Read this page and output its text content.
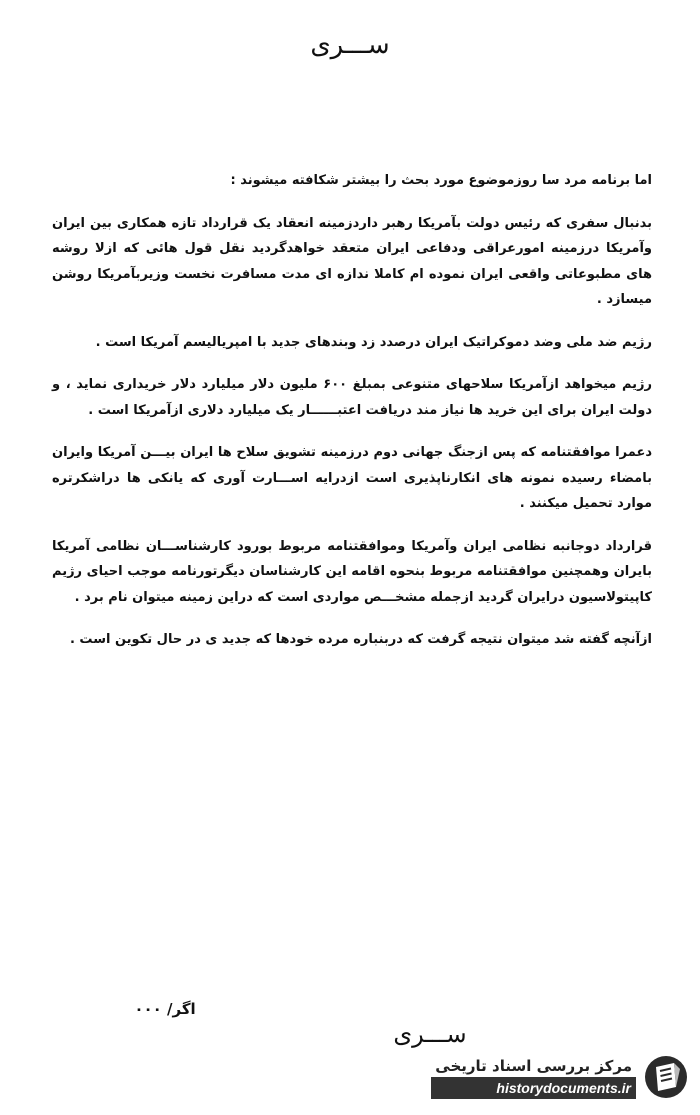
ســـری

اما برنامه مرد سا روزموضوع مورد بحث را بیشتر شکافته میشوند :

بدنبال سفری که رئیس دولت بآمریکا رهبر داردزمینه انعقاد یک قرارداد تازه همکاری بین ایران وآمریکا درزمینه امورعراقی ودفاعی ایران متعقد خواهدگردید نقل قول هائی که ازلا روشه های مطبوعاتی واقعی ایران نموده ام کاملا ندازه ای مدت مسافرت نخست وزیربآمریکا روشن میسازد .

رژیم ضد ملی وضد دموکراتیک ایران درصدد زد وبندهای جدید با امپریالیسم آمریکا است .

رژیم میخواهد ازآمریکا سلاحهای متنوعی بمبلغ ۶۰۰ ملیون دلار میلیارد دلار خریداری نماید ، و دولت ایران برای این خرید ها نیاز مند دریافت اعتبــــــار یک میلیارد دلاری ازآمریکا است .

دعمرا موافقتنامه که پس ازجنگ جهانی دوم درزمینه تشویق سلاح ها ایران بیـــن آمریکا وایران بامضاء رسیده نمونه های انکارناپذیری است ازدرایه اســـارت آوری که یانکی ها دراشکرتره موارد تحمیل میکنند .

قرارداد دوجانبه نظامی ایران وآمریکا وموافقتنامه مربوط بورود کارشناســـان نظامی آمریکا بایران وهمچنین موافقتنامه مربوط بنحوه اقامه این کارشناسان دیگرتورنامه موجب احیای رژیم کاپیتولاسیون درایران گردید ازجمله مشخـــص مواردی است که دراین زمینه میتوان نام برد .

ازآنچه گفته شد میتوان نتیجه گرفت که دربنباره مرده خودها که جدید ی در حال تکوین است .

اگر/ ۰۰۰
ســـری
مرکز بررسی اسناد تاریخی
historydocuments.ir
